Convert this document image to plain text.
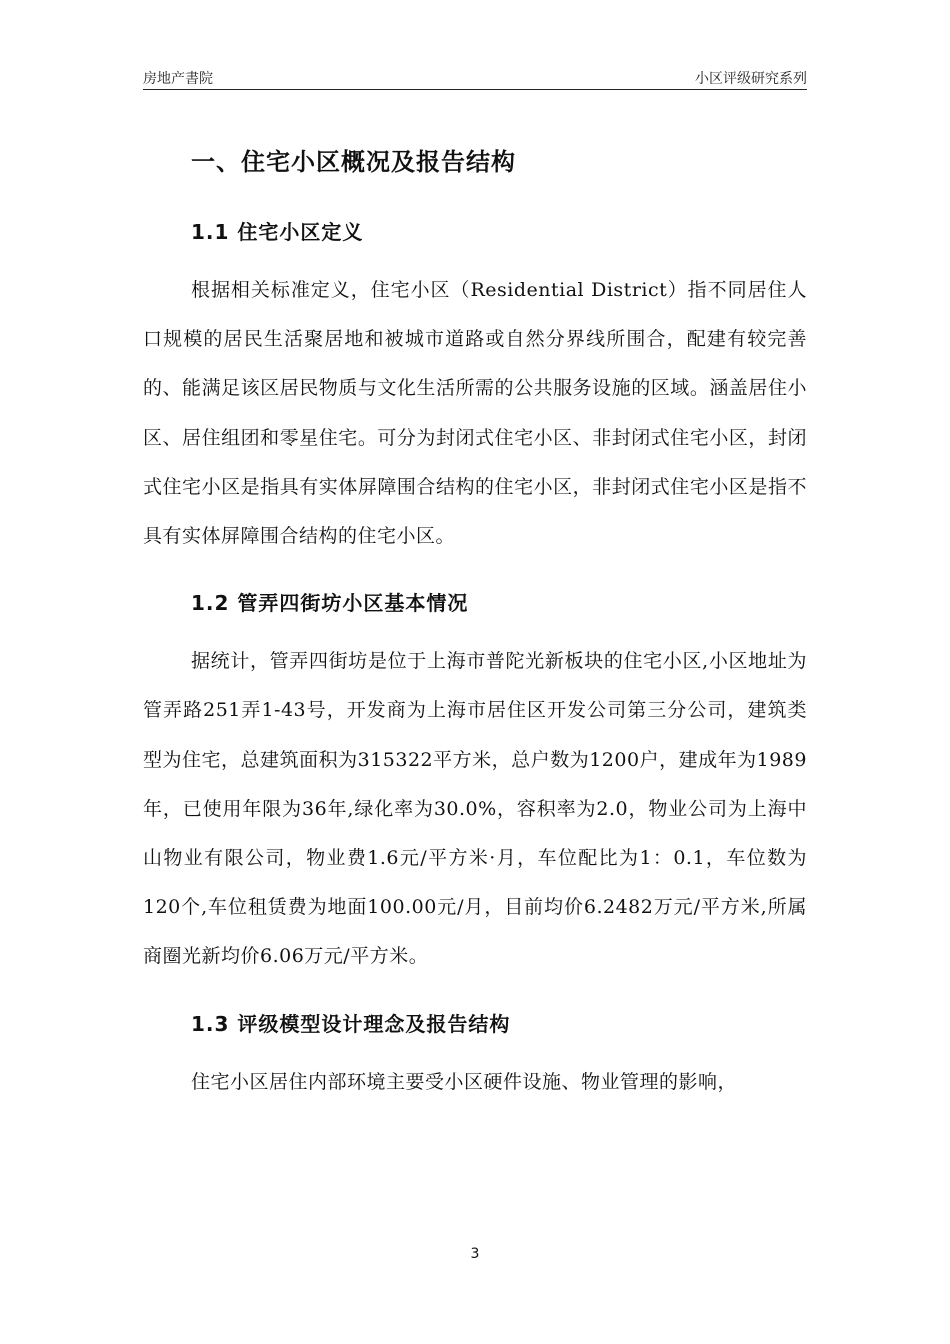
房地产書院	小区评级研究系列
一、住宅小区概况及报告结构
1.1 住宅小区定义

根据相关标准定义，住宅小区（Residential District）指不同居住人口规模的居民生活聚居地和被城市道路或自然分界线所围合，配建有较完善的、能满足该区居民物质与文化生活所需的公共服务设施的区域。涵盖居住小区、居住组团和零星住宅。可分为封闭式住宅小区、非封闭式住宅小区，封闭式住宅小区是指具有实体屏障围合结构的住宅小区，非封闭式住宅小区是指不具有实体屏障围合结构的住宅小区。

1.2 管弄四街坊小区基本情况

据统计，管弄四街坊是位于上海市普陀光新板块的住宅小区,小区地址为管弄路251弄1-43号，开发商为上海市居住区开发公司第三分公司，建筑类型为住宅，总建筑面积为315322平方米，总户数为1200户，建成年为1989年，已使用年限为36年,绿化率为30.0%，容积率为2.0，物业公司为上海中山物业有限公司，物业费1.6元/平方米·月，车位配比为1：0.1，车位数为120个,车位租赁费为地面100.00元/月，目前均价6.2482万元/平方米,所属商圈光新均价6.06万元/平方米。

1.3 评级模型设计理念及报告结构

住宅小区居住内部环境主要受小区硬件设施、物业管理的影响，

3
